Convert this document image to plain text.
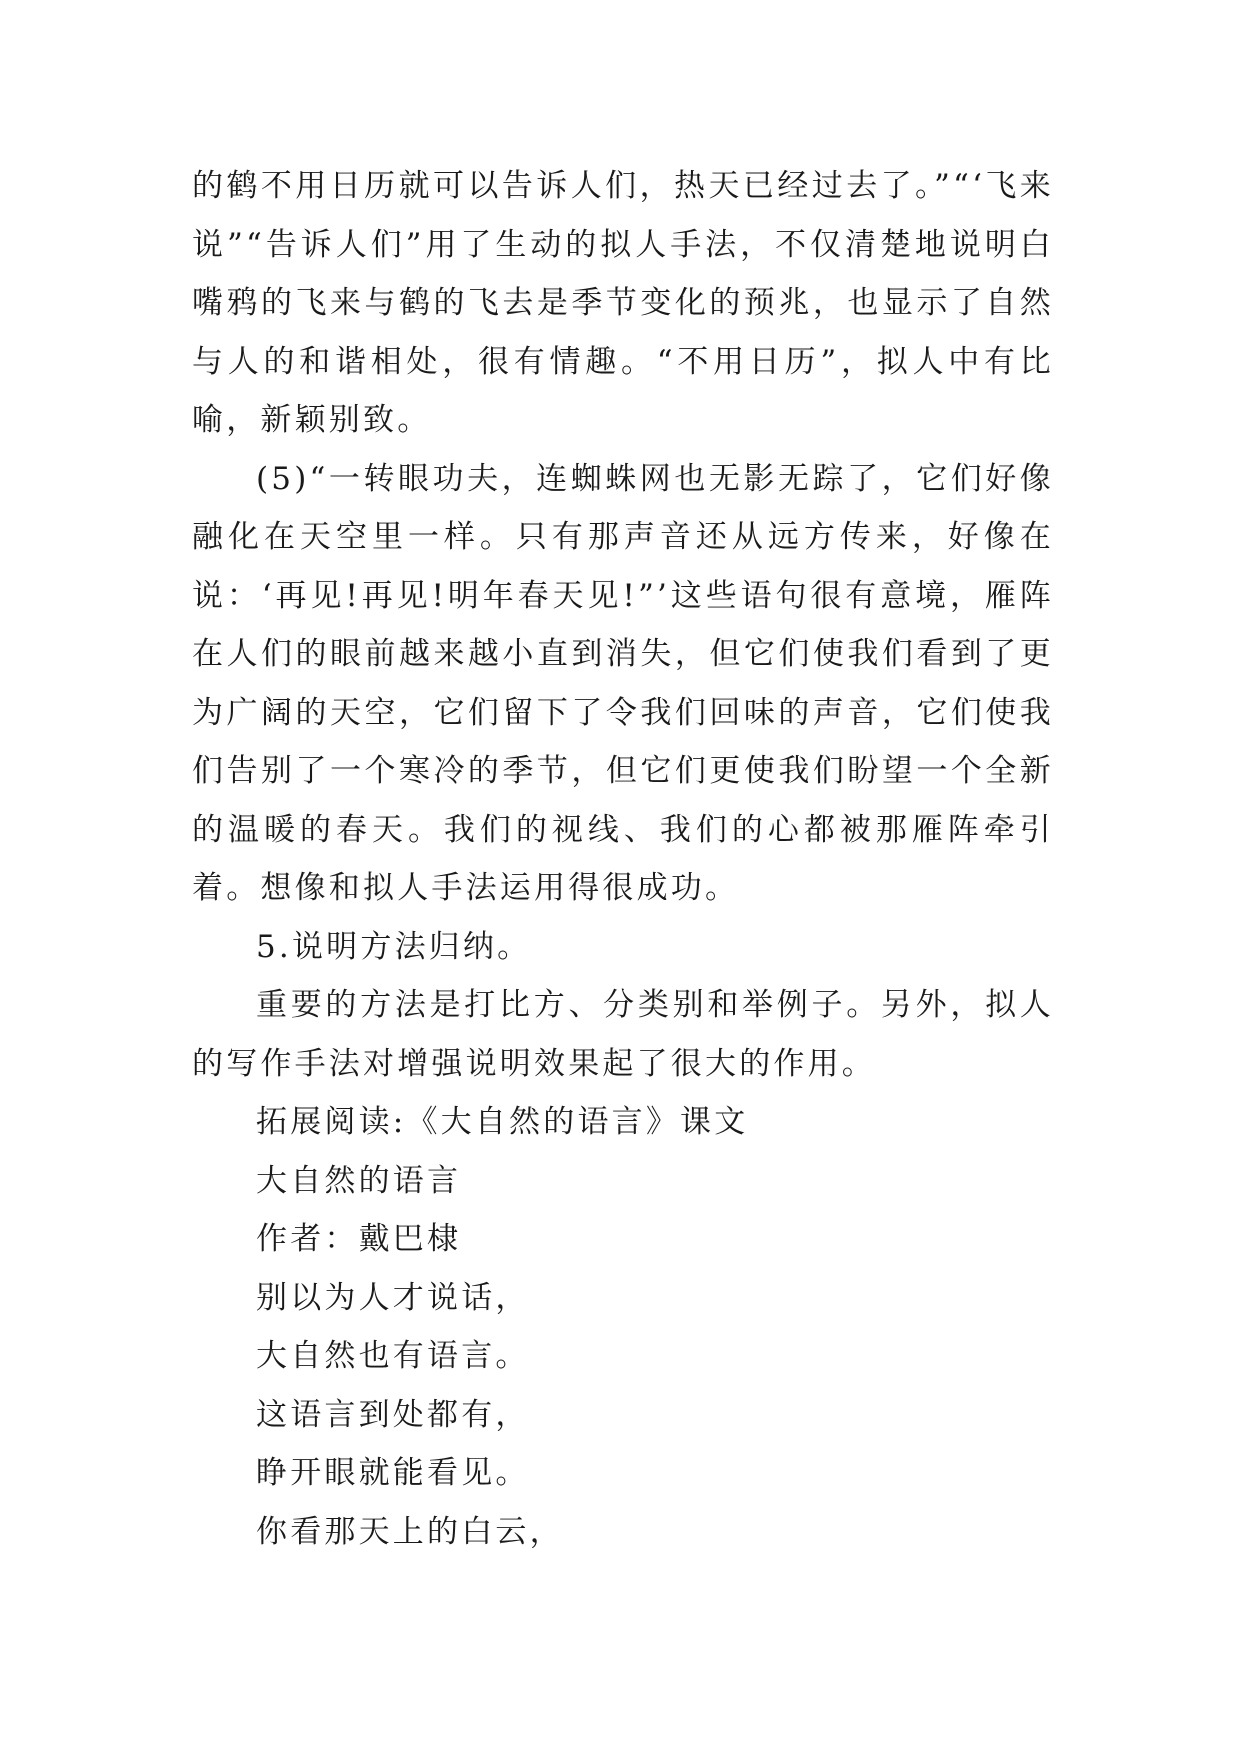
的鹤不用日历就可以告诉人们，热天已经过去了。”“‘飞来说”“告诉人们”用了生动的拟人手法，不仅清楚地说明白嘴鸦的飞来与鹤的飞去是季节变化的预兆，也显示了自然与人的和谐相处，很有情趣。“不用日历”，拟人中有比喻，新颖别致。

(5)“一转眼功夫，连蜘蛛网也无影无踪了，它们好像融化在天空里一样。只有那声音还从远方传来，好像在说：‘再见!再见!明年春天见!”’这些语句很有意境，雁阵在人们的眼前越来越小直到消失，但它们使我们看到了更为广阔的天空，它们留下了令我们回味的声音，它们使我们告别了一个寒冷的季节，但它们更使我们盼望一个全新的温暖的春天。我们的视线、我们的心都被那雁阵牵引着。想像和拟人手法运用得很成功。

5.说明方法归纳。

重要的方法是打比方、分类别和举例子。另外，拟人的写作手法对增强说明效果起了很大的作用。

拓展阅读:《大自然的语言》课文

大自然的语言

作者：戴巴棣

别以为人才说话，

大自然也有语言。

这语言到处都有，

睁开眼就能看见。

你看那天上的白云，
